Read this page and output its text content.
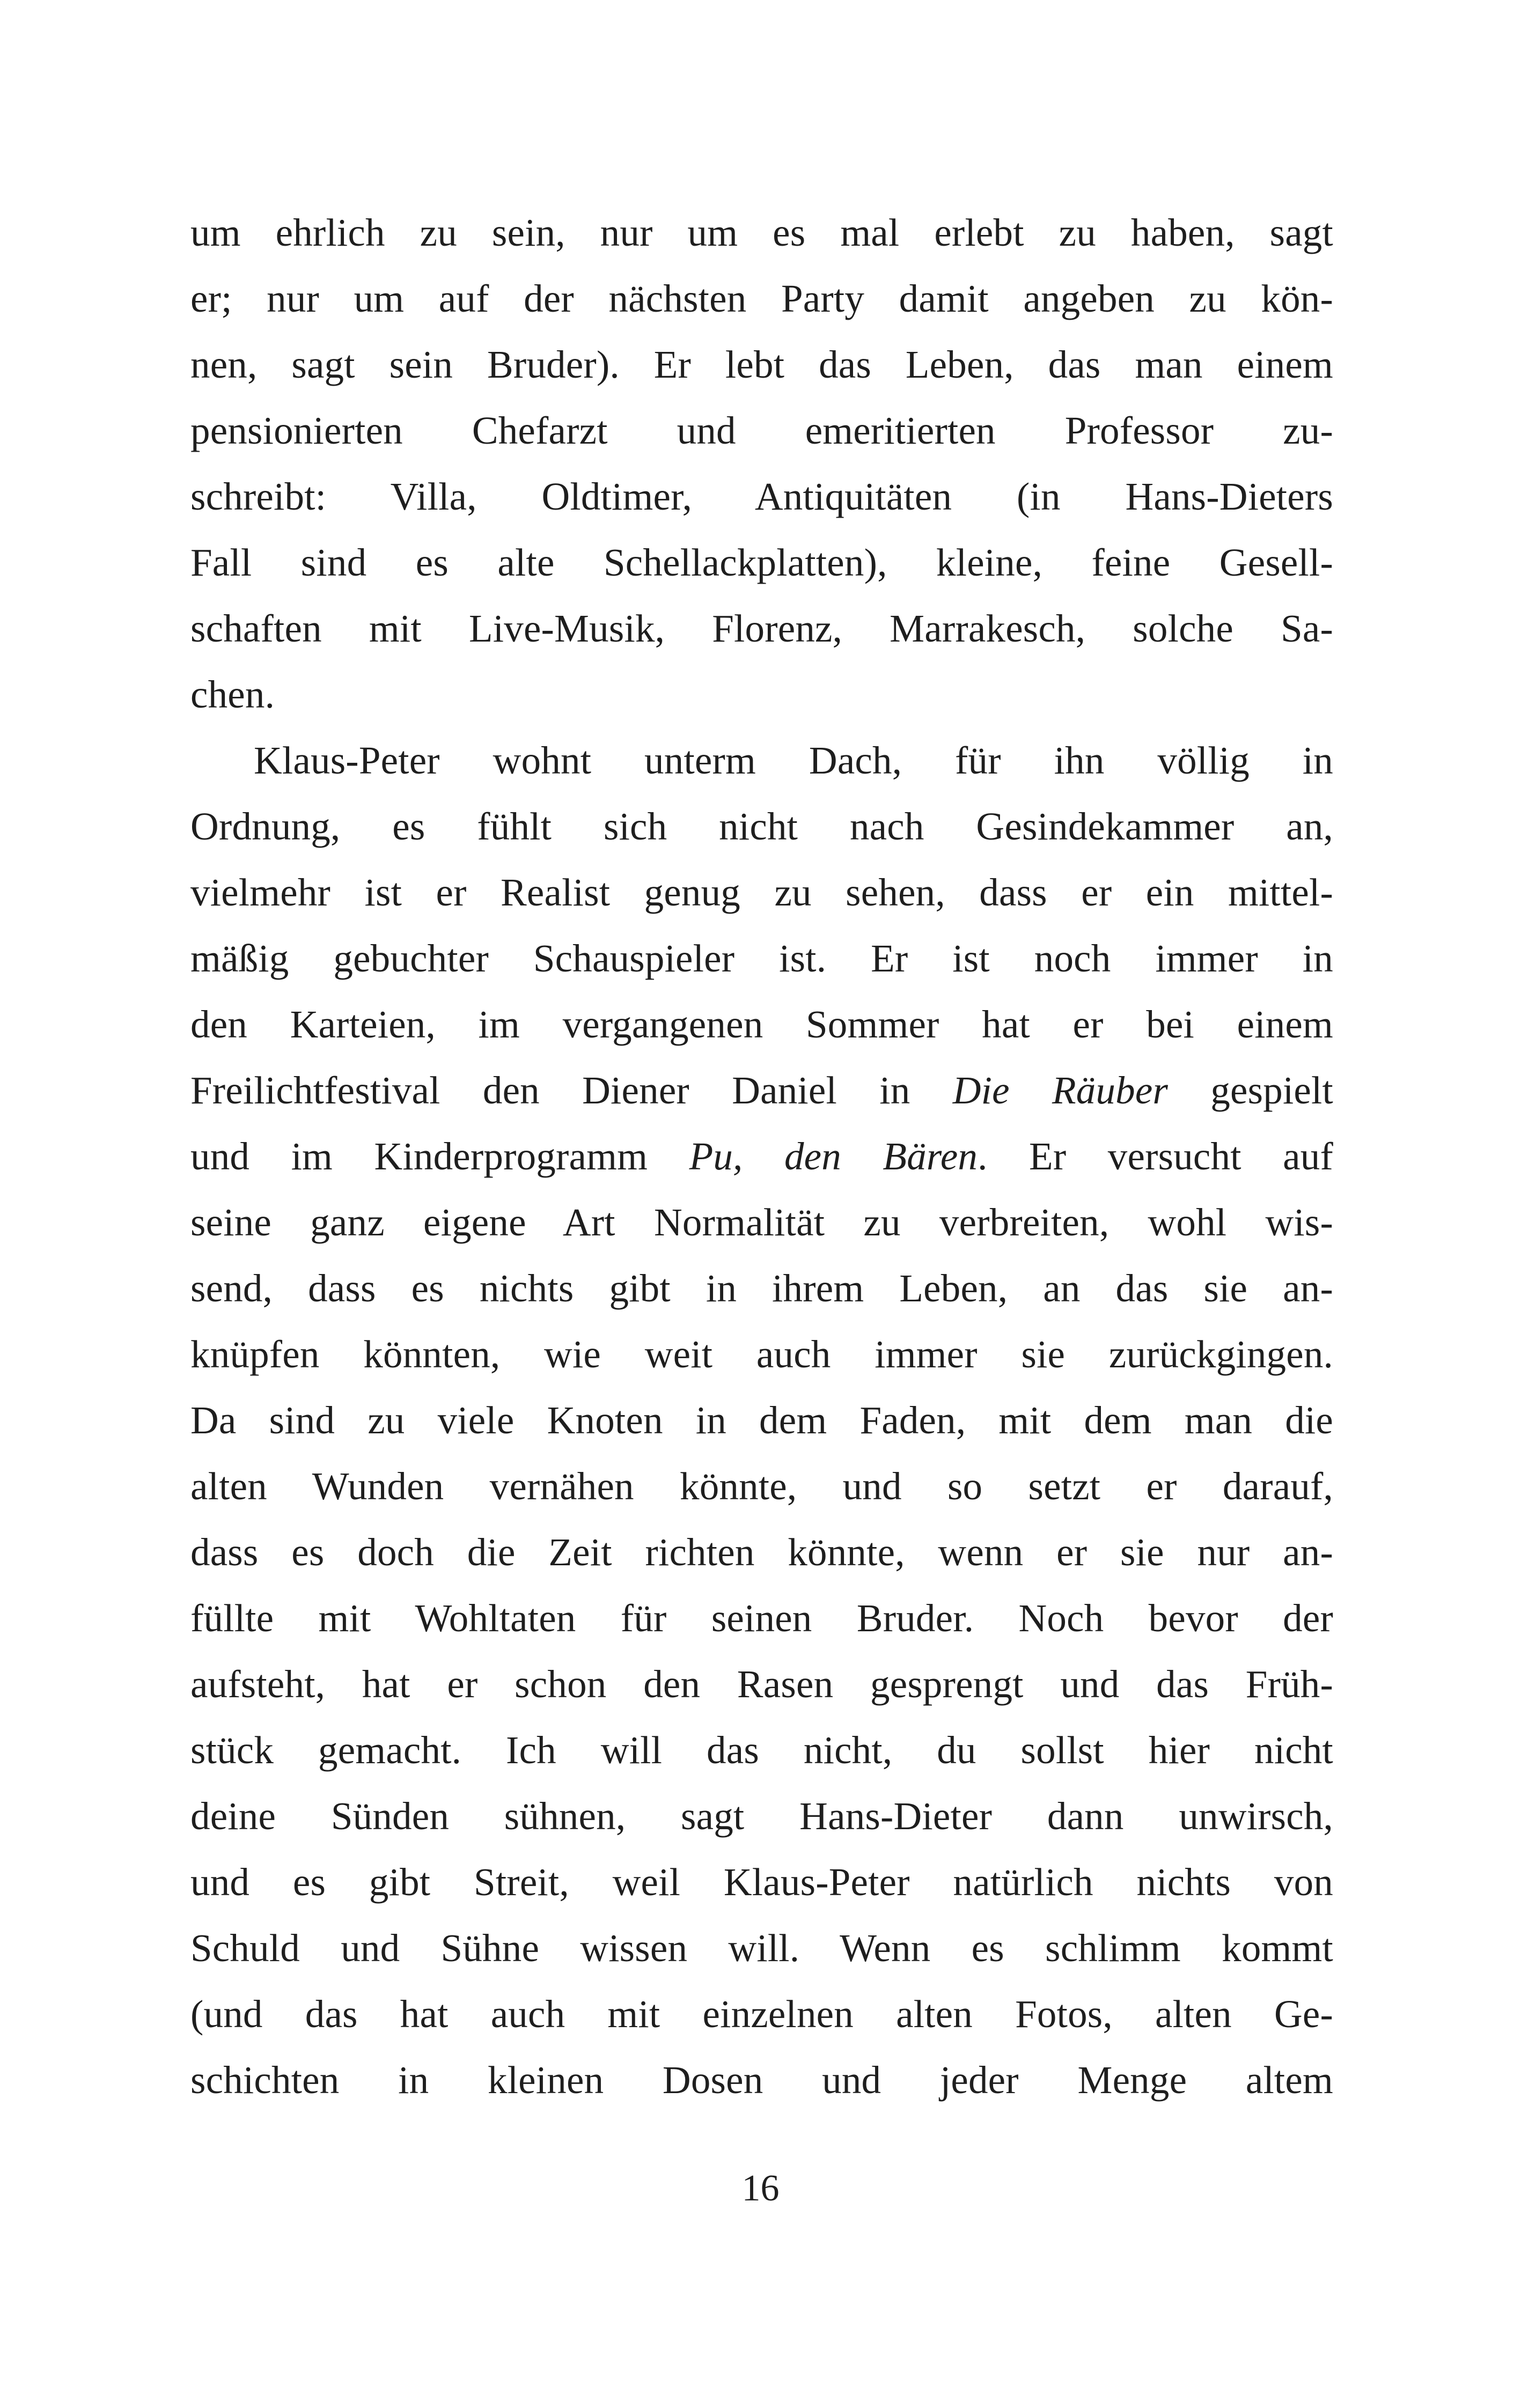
um ehrlich zu sein, nur um es mal erlebt zu haben, sagt
er; nur um auf der nächsten Party damit angeben zu kön-
nen, sagt sein Bruder). Er lebt das Leben, das man einem
pensionierten Chefarzt und emeritierten Professor zu-
schreibt: Villa, Oldtimer, Antiquitäten (in Hans-Dieters
Fall sind es alte Schellackplatten), kleine, feine Gesell-
schaften mit Live-Musik, Florenz, Marrakesch, solche Sa-
chen.
Klaus-Peter wohnt unterm Dach, für ihn völlig in
Ordnung, es fühlt sich nicht nach Gesindekammer an,
vielmehr ist er Realist genug zu sehen, dass er ein mittel-
mäßig gebuchter Schauspieler ist. Er ist noch immer in
den Karteien, im vergangenen Sommer hat er bei einem
Freilichtfestival den Diener Daniel in Die Räuber gespielt
und im Kinderprogramm Pu, den Bären. Er versucht auf
seine ganz eigene Art Normalität zu verbreiten, wohl wis-
send, dass es nichts gibt in ihrem Leben, an das sie an-
knüpfen könnten, wie weit auch immer sie zurückgingen.
Da sind zu viele Knoten in dem Faden, mit dem man die
alten Wunden vernähen könnte, und so setzt er darauf,
dass es doch die Zeit richten könnte, wenn er sie nur an-
füllte mit Wohltaten für seinen Bruder. Noch bevor der
aufsteht, hat er schon den Rasen gesprengt und das Früh-
stück gemacht. Ich will das nicht, du sollst hier nicht
deine Sünden sühnen, sagt Hans-Dieter dann unwirsch,
und es gibt Streit, weil Klaus-Peter natürlich nichts von
Schuld und Sühne wissen will. Wenn es schlimm kommt
(und das hat auch mit einzelnen alten Fotos, alten Ge-
schichten in kleinen Dosen und jeder Menge altem
16
